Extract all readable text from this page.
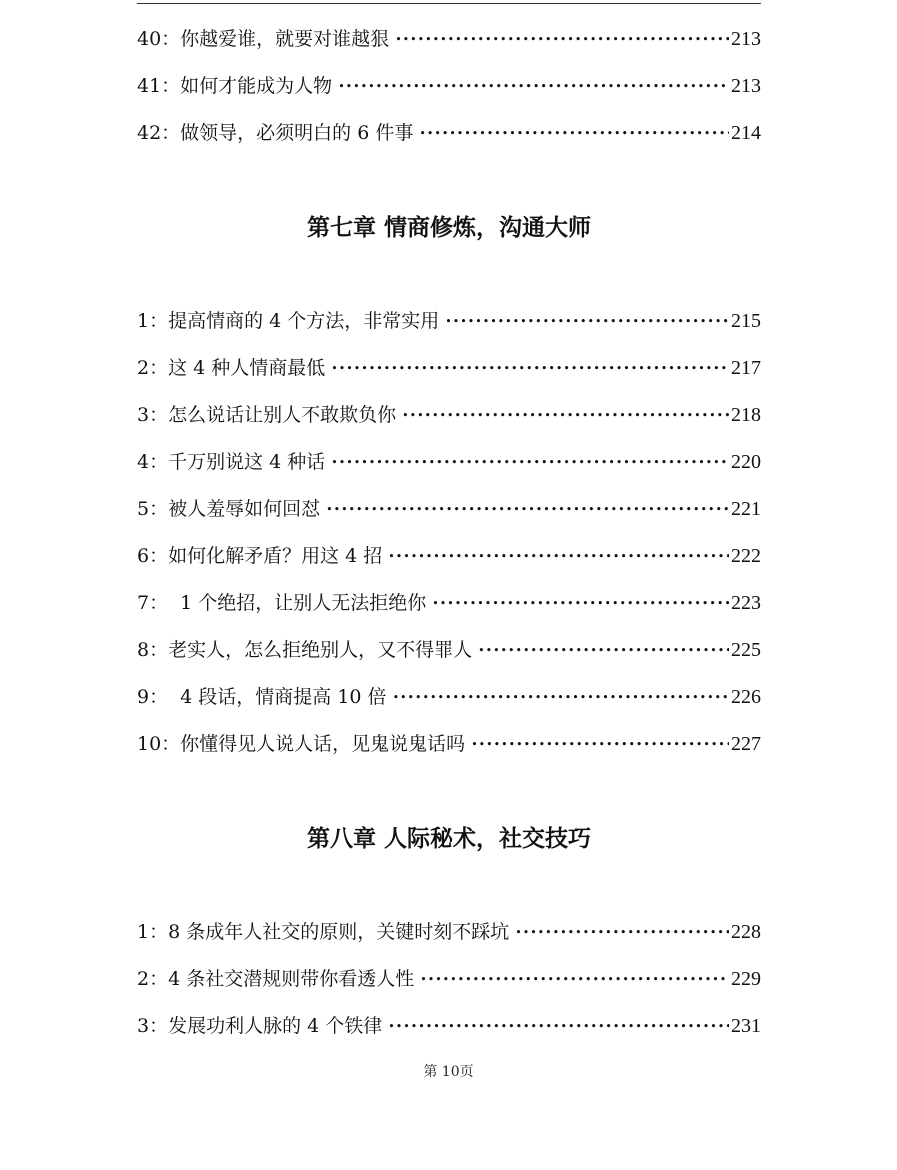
40：你越爱谁，就要对谁越狠 •••••	213
41：如何才能成为人物 •••••	213
42：做领导，必须明白的 6 件事 •••••	214
第七章 情商修炼，沟通大师
1：提高情商的 4 个方法，非常实用 •••••	215
2：这 4 种人情商最低 •••••	217
3：怎么说话让别人不敢欺负你 •••••	218
4：千万别说这 4 种话 •••••	220
5：被人羞辱如何回怼 •••••	221
6：如何化解矛盾？用这 4 招 •••••	222
7：  1 个绝招，让别人无法拒绝你 •••••	223
8：老实人，怎么拒绝别人，又不得罪人 •••••	225
9：  4 段话，情商提高 10 倍 •••••	226
10：你懂得见人说人话，见鬼说鬼话吗 •••••	227
第八章 人际秘术，社交技巧
1：8 条成年人社交的原则，关键时刻不踩坑 •••••	228
2：4 条社交潜规则带你看透人性 •••••	229
3：发展功利人脉的 4 个铁律 •••••	231
第 10页
